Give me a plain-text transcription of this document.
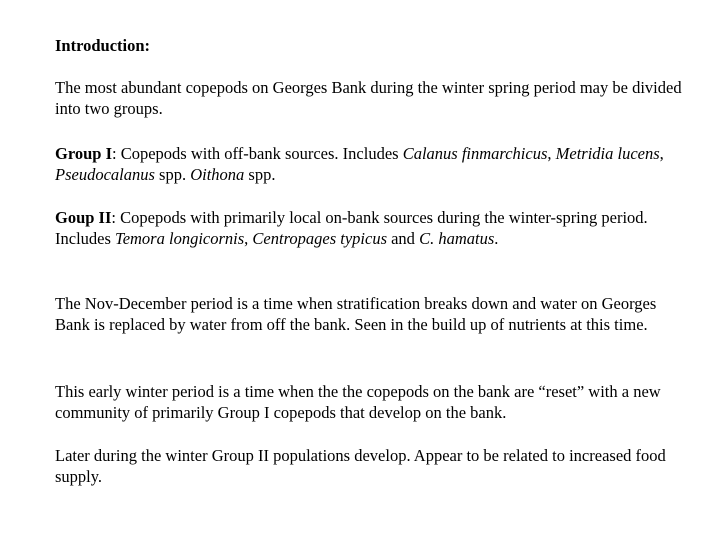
Introduction:

The most abundant copepods on Georges Bank during the winter spring period may be divided into two groups.

Group I: Copepods with off-bank sources. Includes Calanus finmarchicus, Metridia lucens, Pseudocalanus spp. Oithona spp.

Goup II: Copepods with primarily local on-bank sources during the winter-spring period. Includes Temora longicornis, Centropages typicus and C. hamatus.

The Nov-December period is a time when stratification breaks down and water on Georges Bank is replaced by water from off the bank. Seen in the build up of nutrients at this time.

This early winter period is a time when the the copepods on the bank are “reset” with a new community of primarily Group I copepods that develop on the bank.

Later during the winter Group II populations develop. Appear to be related to increased food supply.
